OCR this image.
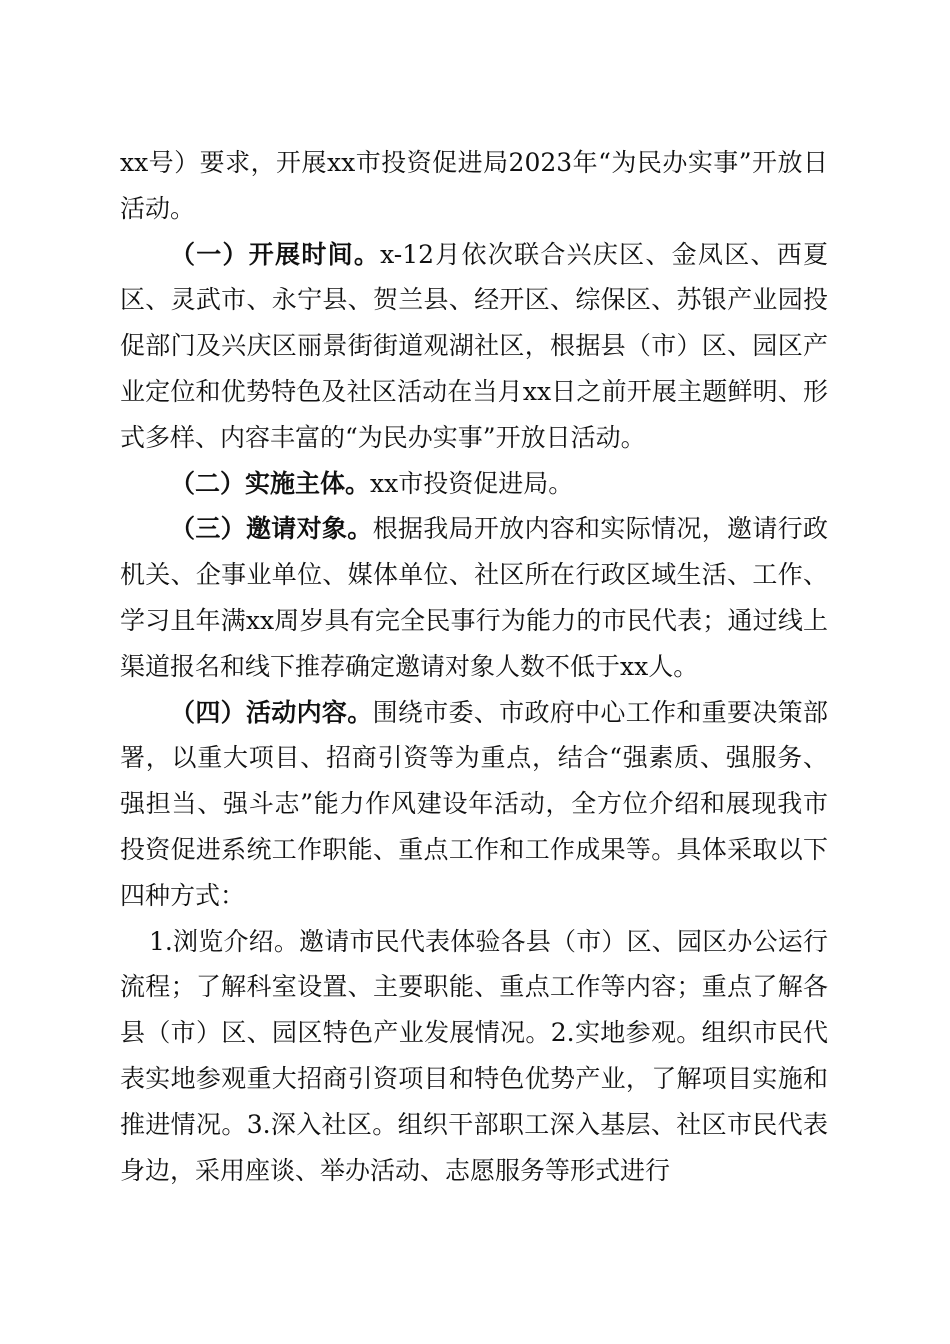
xx号）要求，开展xx市投资促进局2023年“为民办实事”开放日活动。

（一）开展时间。x-12月依次联合兴庆区、金凤区、西夏区、灵武市、永宁县、贺兰县、经开区、综保区、苏银产业园投促部门及兴庆区丽景街街道观湖社区，根据县（市）区、园区产业定位和优势特色及社区活动在当月xx日之前开展主题鲜明、形式多样、内容丰富的“为民办实事”开放日活动。

（二）实施主体。xx市投资促进局。

（三）邀请对象。根据我局开放内容和实际情况，邀请行政机关、企事业单位、媒体单位、社区所在行政区域生活、工作、学习且年满xx周岁具有完全民事行为能力的市民代表；通过线上渠道报名和线下推荐确定邀请对象人数不低于xx人。

（四）活动内容。围绕市委、市政府中心工作和重要决策部署，以重大项目、招商引资等为重点，结合“强素质、强服务、强担当、强斗志”能力作风建设年活动，全方位介绍和展现我市投资促进系统工作职能、重点工作和工作成果等。具体采取以下四种方式：

1.浏览介绍。邀请市民代表体验各县（市）区、园区办公运行流程；了解科室设置、主要职能、重点工作等内容；重点了解各县（市）区、园区特色产业发展情况。2.实地参观。组织市民代表实地参观重大招商引资项目和特色优势产业，了解项目实施和推进情况。3.深入社区。组织干部职工深入基层、社区市民代表身边，采用座谈、举办活动、志愿服务等形式进行
